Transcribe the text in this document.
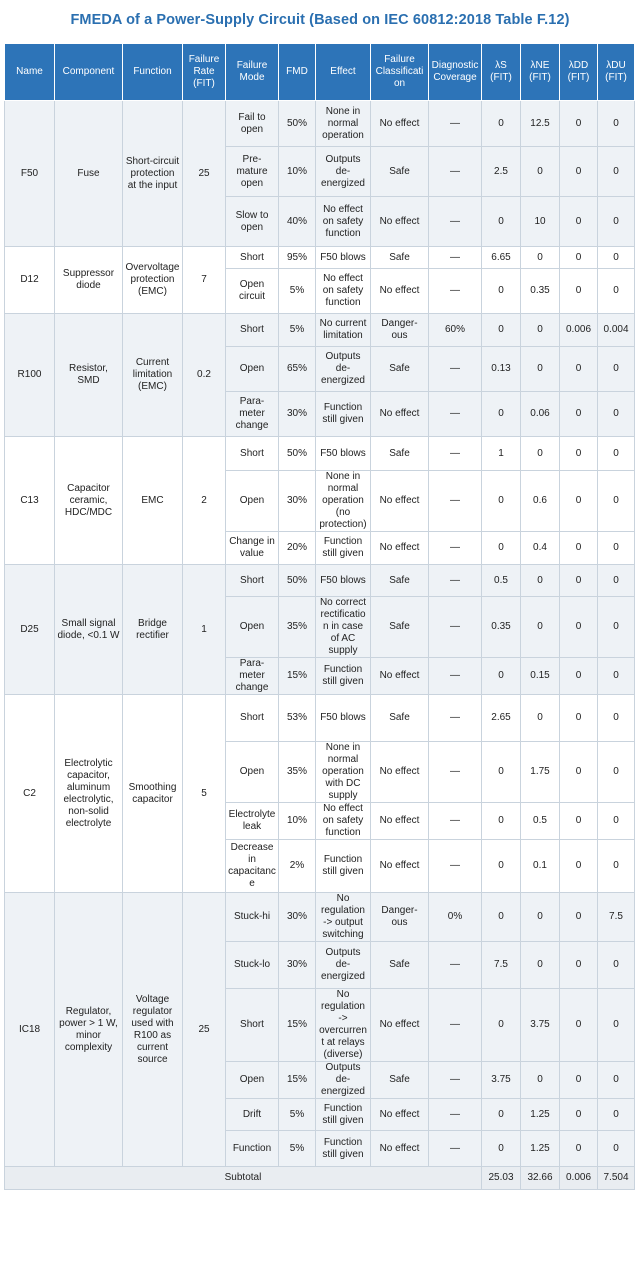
FMEDA of a Power-Supply Circuit (Based on IEC 60812:2018 Table F.12)
Name	Component	Function	Failure Rate (FIT)	Failure Mode	FMD	Effect	Failure Classification	Diagnostic Coverage	λS (FIT)	λNE (FIT)	λDD (FIT)	λDU (FIT)
F50	Fuse	Short-circuit protection at the input	25	Fail to open	50%	None in normal operation	No effect	—	0	12.5	0	0
				Pre-mature open	10%	Outputs de-energized	Safe	—	2.5	0	0	0
				Slow to open	40%	No effect on safety function	No effect	—	0	10	0	0
D12	Suppressor diode	Overvoltage protection (EMC)	7	Short	95%	F50 blows	Safe	—	6.65	0	0	0
				Open circuit	5%	No effect on safety function	No effect	—	0	0.35	0	0
R100	Resistor, SMD	Current limitation (EMC)	0.2	Short	5%	No current limitation	Danger- ous	60%	0	0	0.006	0.004
				Open	65%	Outputs de-energized	Safe	—	0.13	0	0	0
				Para-meter change	30%	Function still given	No effect	—	0	0.06	0	0
C13	Capacitor ceramic, HDC/MDC	EMC	2	Short	50%	F50 blows	Safe	—	1	0	0	0
				Open	30%	None in normal operation (no protection)	No effect	—	0	0.6	0	0
				Change in value	20%	Function still given	No effect	—	0	0.4	0	0
D25	Small signal diode, <0.1 W	Bridge rectifier	1	Short	50%	F50 blows	Safe	—	0.5	0	0	0
				Open	35%	No correct rectification in case of AC supply	Safe	—	0.35	0	0	0
				Para-meter change	15%	Function still given	No effect	—	0	0.15	0	0
C2	Electrolytic capacitor, aluminum electrolytic, non-solid electrolyte	Smoothing capacitor	5	Short	53%	F50 blows	Safe	—	2.65	0	0	0
				Open	35%	None in normal operation with DC supply	No effect	—	0	1.75	0	0
				Electrolyte leak	10%	No effect on safety function	No effect	—	0	0.5	0	0
				Decrease in capacitance	2%	Function still given	No effect	—	0	0.1	0	0
IC18	Regulator, power > 1 W, minor complexity	Voltage regulator used with R100 as current source	25	Stuck-hi	30%	No regulation -> output switching	Danger- ous	0%	0	0	0	7.5
				Stuck-lo	30%	Outputs de-energized	Safe	—	7.5	0	0	0
				Short	15%	No regulation -> overcurrent at relays (diverse)	No effect	—	0	3.75	0	0
				Open	15%	Outputs de-energized	Safe	—	3.75	0	0	0
				Drift	5%	Function still given	No effect	—	0	1.25	0	0
				Function	5%	Function still given	No effect	—	0	1.25	0	0
Subtotal									25.03	32.66	0.006	7.504
